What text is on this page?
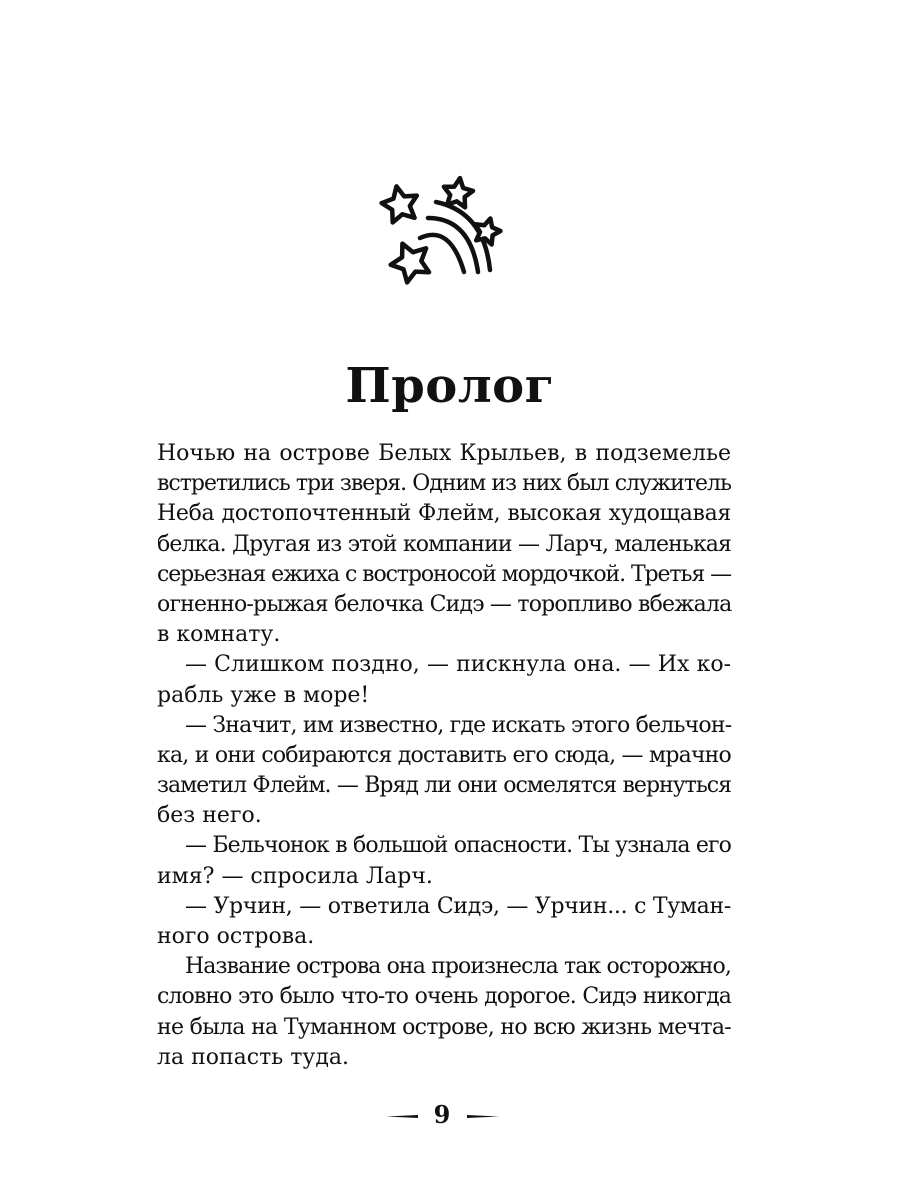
Пролог
Ночью на острове Белых Крыльев, в подземелье
встретились три зверя. Одним из них был служитель
Неба достопочтенный Флейм, высокая худощавая
белка. Другая из этой компании — Ларч, маленькая
серьезная ежиха с востроносой мордочкой. Третья —
огненно-рыжая белочка Сидэ — торопливо вбежала
в комнату.
— Слишком поздно, — пискнула она. — Их ко-
рабль уже в море!
— Значит, им известно, где искать этого бельчон-
ка, и они собираются доставить его сюда, — мрачно
заметил Флейм. — Вряд ли они осмелятся вернуться
без него.
— Бельчонок в большой опасности. Ты узнала его
имя? — спросила Ларч.
— Урчин, — ответила Сидэ, — Урчин... с Туман-
ного острова.
Название острова она произнесла так осторожно,
словно это было что-то очень дорогое. Сидэ никогда
не была на Туманном острове, но всю жизнь мечта-
ла попасть туда.
9
